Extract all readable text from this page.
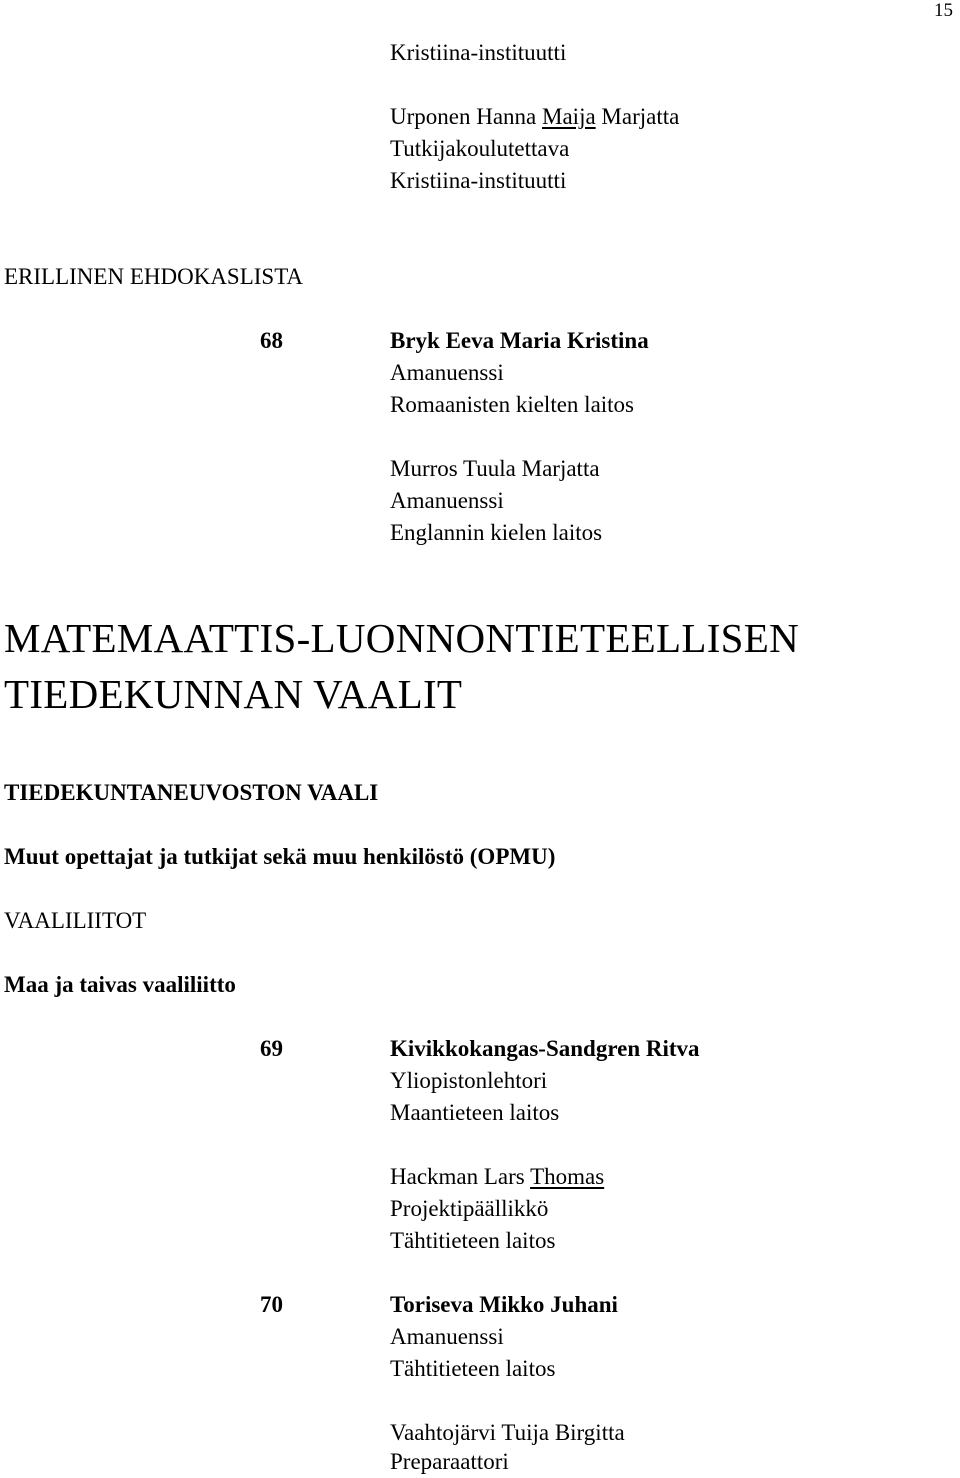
15
Kristiina-instituutti
Urponen Hanna Maija Marjatta
Tutkijakoulutettava
Kristiina-instituutti
ERILLINEN EHDOKASLISTA
68	Bryk Eeva Maria Kristina
Amanuenssi
Romaanisten kielten laitos
Murros Tuula Marjatta
Amanuenssi
Englannin kielen laitos
MATEMAATTIS-LUONNONTIETEELLISEN
TIEDEKUNNAN VAALIT
TIEDEKUNTANEUVOSTON VAALI
Muut opettajat ja tutkijat sekä muu henkilöstö (OPMU)
VAALILIITOT
Maa ja taivas vaaliliitto
69	Kivikkokangas-Sandgren Ritva
Yliopistonlehtori
Maantieteen laitos
Hackman Lars Thomas
Projektipäällikkö
Tähtitieteen laitos
70	Toriseva Mikko Juhani
Amanuenssi
Tähtitieteen laitos
Vaahtojärvi Tuija Birgitta
Preparaattori
